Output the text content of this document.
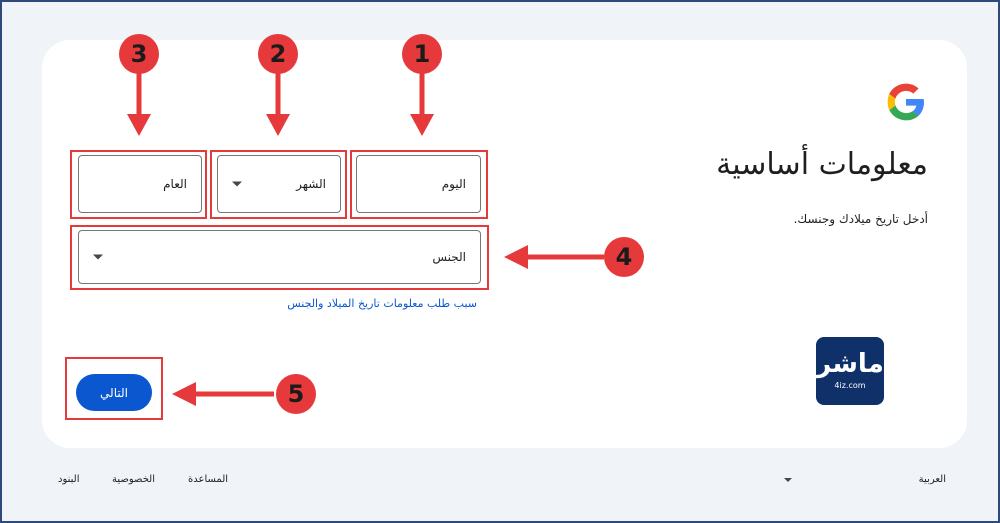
معلومات أساسية
أدخل تاريخ ميلادك وجنسك.
اليوم
الشهر
العام
الجنس
سبب طلب معلومات تاريخ الميلاد والجنس
التالي
ماشر
4iz.com
1
2
3
4
5
العربية
المساعدة
الخصوصية
البنود
